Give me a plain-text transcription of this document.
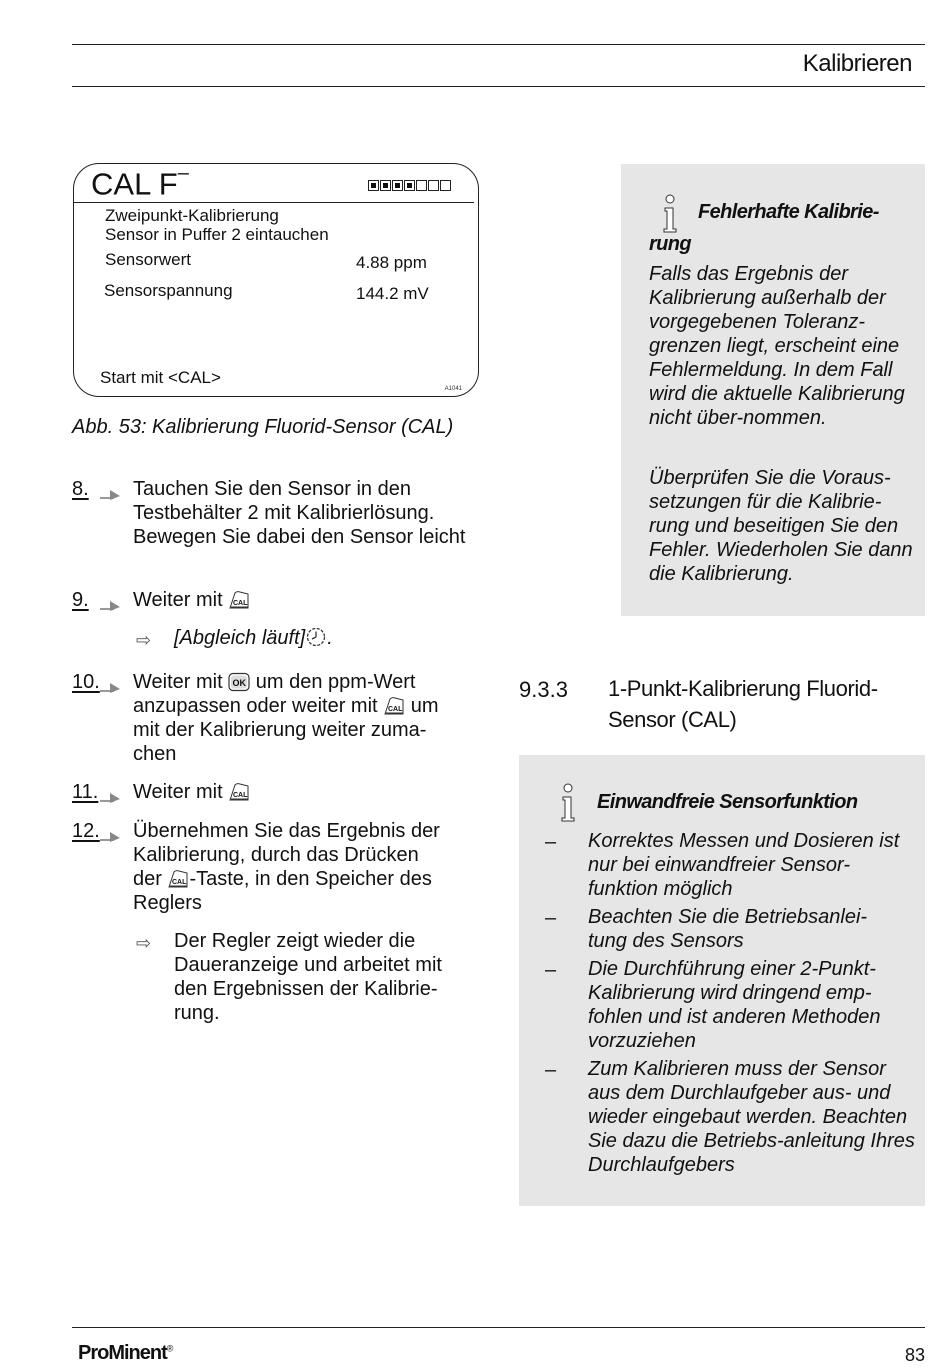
Kalibrieren
CAL F–
Zweipunkt-Kalibrierung
Sensor in Puffer 2 eintauchen
Sensorwert	4.88 ppm
Sensorspannung	144.2 mV
Start mit <CAL>
A1041
Abb. 53: Kalibrierung Fluorid-Sensor (CAL)
8. Tauchen Sie den Sensor in den Testbehälter 2 mit Kalibrierlösung. Bewegen Sie dabei den Sensor leicht
9. Weiter mit CAL
⇨ [Abgleich läuft] .
10. Weiter mit OK um den ppm-Wert
anzupassen oder weiter mit CAL um
mit der Kalibrierung weiter zuma-
chen
11. Weiter mit CAL
12. Übernehmen Sie das Ergebnis der
Kalibrierung, durch das Drücken
der CAL -Taste, in den Speicher des
Reglers
⇨ Der Regler zeigt wieder die Daueranzeige und arbeitet mit den Ergebnissen der Kalibrie-rung.
Fehlerhafte Kalibrie-
rung
Falls das Ergebnis der Kalibrierung außerhalb der vorgegebenen Toleranz-grenzen liegt, erscheint eine Fehlermeldung. In dem Fall wird die aktuelle Kalibrierung nicht über-nommen.
Überprüfen Sie die Voraus-setzungen für die Kalibrie-rung und beseitigen Sie den Fehler. Wiederholen Sie dann die Kalibrierung.
9.3.3 1-Punkt-Kalibrierung Fluorid-Sensor (CAL)
Einwandfreie Sensorfunktion
– Korrektes Messen und Dosieren ist nur bei einwandfreier Sensor-funktion möglich
– Beachten Sie die Betriebsanlei-tung des Sensors
– Die Durchführung einer 2-Punkt-Kalibrierung wird dringend emp-fohlen und ist anderen Methoden vorzuziehen
– Zum Kalibrieren muss der Sensor aus dem Durchlaufgeber aus- und wieder eingebaut werden. Beachten Sie dazu die Betriebs-anleitung Ihres Durchlaufgebers
ProMinent®	83
